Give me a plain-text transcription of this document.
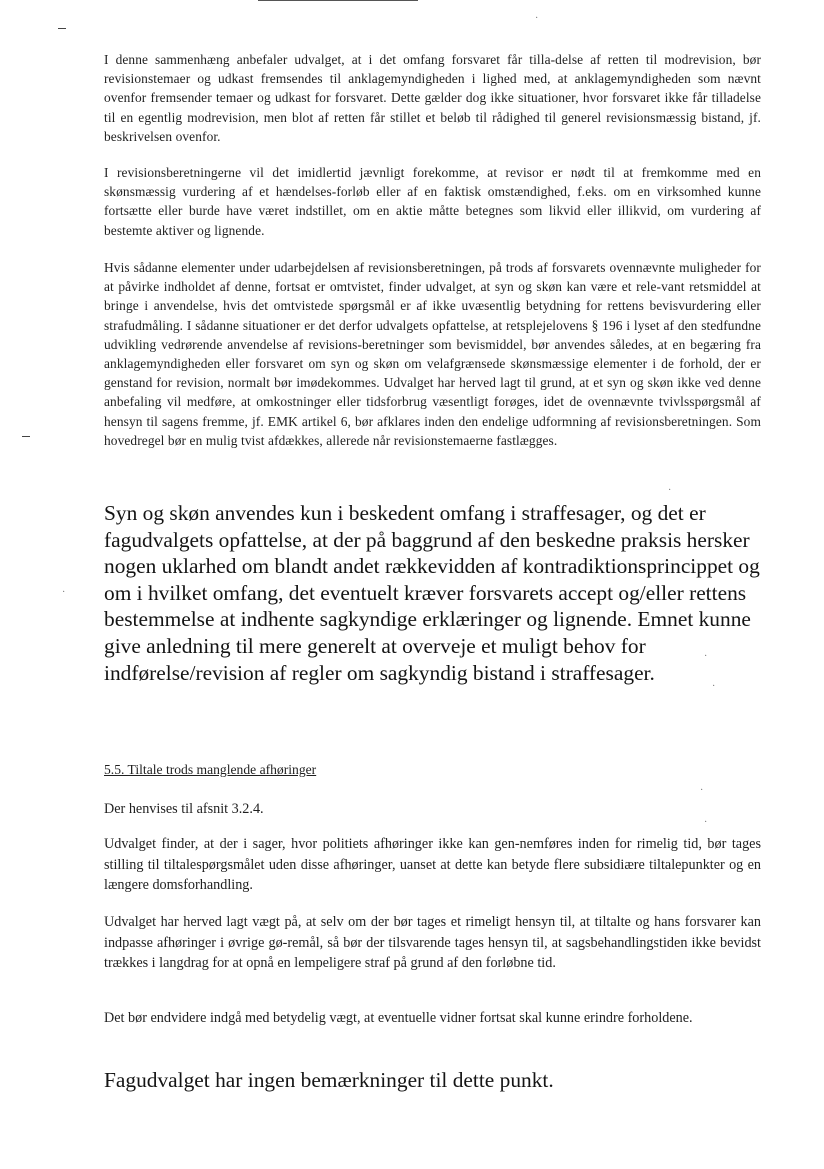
·
·
·
·
·
·
·

I denne sammenhæng anbefaler udvalget, at i det omfang forsvaret får tilla-delse af retten til modrevision, bør revisionstemaer og udkast fremsendes til anklagemyndigheden i lighed med, at anklagemyndigheden som nævnt ovenfor fremsender temaer og udkast for forsvaret. Dette gælder dog ikke situationer, hvor forsvaret ikke får tilladelse til en egentlig modrevision, men blot af retten får stillet et beløb til rådighed til generel revisionsmæssig bistand, jf. beskrivelsen ovenfor.

I revisionsberetningerne vil det imidlertid jævnligt forekomme, at revisor er nødt til at fremkomme med en skønsmæssig vurdering af et hændelses-forløb eller af en faktisk omstændighed, f.eks. om en virksomhed kunne fortsætte eller burde have været indstillet, om en aktie måtte betegnes som likvid eller illikvid, om vurdering af bestemte aktiver og lignende.

Hvis sådanne elementer under udarbejdelsen af revisionsberetningen, på trods af forsvarets ovennævnte muligheder for at påvirke indholdet af denne, fortsat er omtvistet, finder udvalget, at syn og skøn kan være et rele-vant retsmiddel at bringe i anvendelse, hvis det omtvistede spørgsmål er af ikke uvæsentlig betydning for rettens bevisvurdering eller strafudmåling. I sådanne situationer er det derfor udvalgets opfattelse, at retsplejelovens § 196 i lyset af den stedfundne udvikling vedrørende anvendelse af revisions-beretninger som bevismiddel, bør anvendes således, at en begæring fra anklagemyndigheden eller forsvaret om syn og skøn om velafgrænsede skønsmæssige elementer i de forhold, der er genstand for revision, normalt bør imødekommes. Udvalget har herved lagt til grund, at et syn og skøn ikke ved denne anbefaling vil medføre, at omkostninger eller tidsforbrug væsentligt forøges, idet de ovennævnte tvivlsspørgsmål af hensyn til sagens fremme, jf. EMK artikel 6, bør afklares inden den endelige udformning af revisionsberetningen. Som hovedregel bør en mulig tvist afdækkes, allerede når revisionstemaerne fastlægges.

Syn og skøn anvendes kun i beskedent omfang i straffesager, og det er fagudvalgets opfattelse, at der på baggrund af den beskedne praksis hersker nogen uklarhed om blandt andet rækkevidden af kontradiktionsprincippet og om i hvilket omfang, det eventuelt kræver forsvarets accept og/eller rettens bestemmelse at indhente sagkyndige erklæringer og lignende. Emnet kunne give anledning til mere generelt at overveje et muligt behov for indførelse/revision af regler om sagkyndig bistand i straffesager.

5.5. Tiltale trods manglende afhøringer

Der henvises til afsnit 3.2.4.

Udvalget finder, at der i sager, hvor politiets afhøringer ikke kan gen-nemføres inden for rimelig tid, bør tages stilling til tiltalespørgsmålet uden disse afhøringer, uanset at dette kan betyde flere subsidiære tiltalepunkter og en længere domsforhandling.

Udvalget har herved lagt vægt på, at selv om der bør tages et rimeligt hensyn til, at tiltalte og hans forsvarer kan indpasse afhøringer i øvrige gø-remål, så bør der tilsvarende tages hensyn til, at sagsbehandlingstiden ikke bevidst trækkes i langdrag for at opnå en lempeligere straf på grund af den forløbne tid.

Det bør endvidere indgå med betydelig vægt, at eventuelle vidner fortsat skal kunne erindre forholdene.

Fagudvalget har ingen bemærkninger til dette punkt.
